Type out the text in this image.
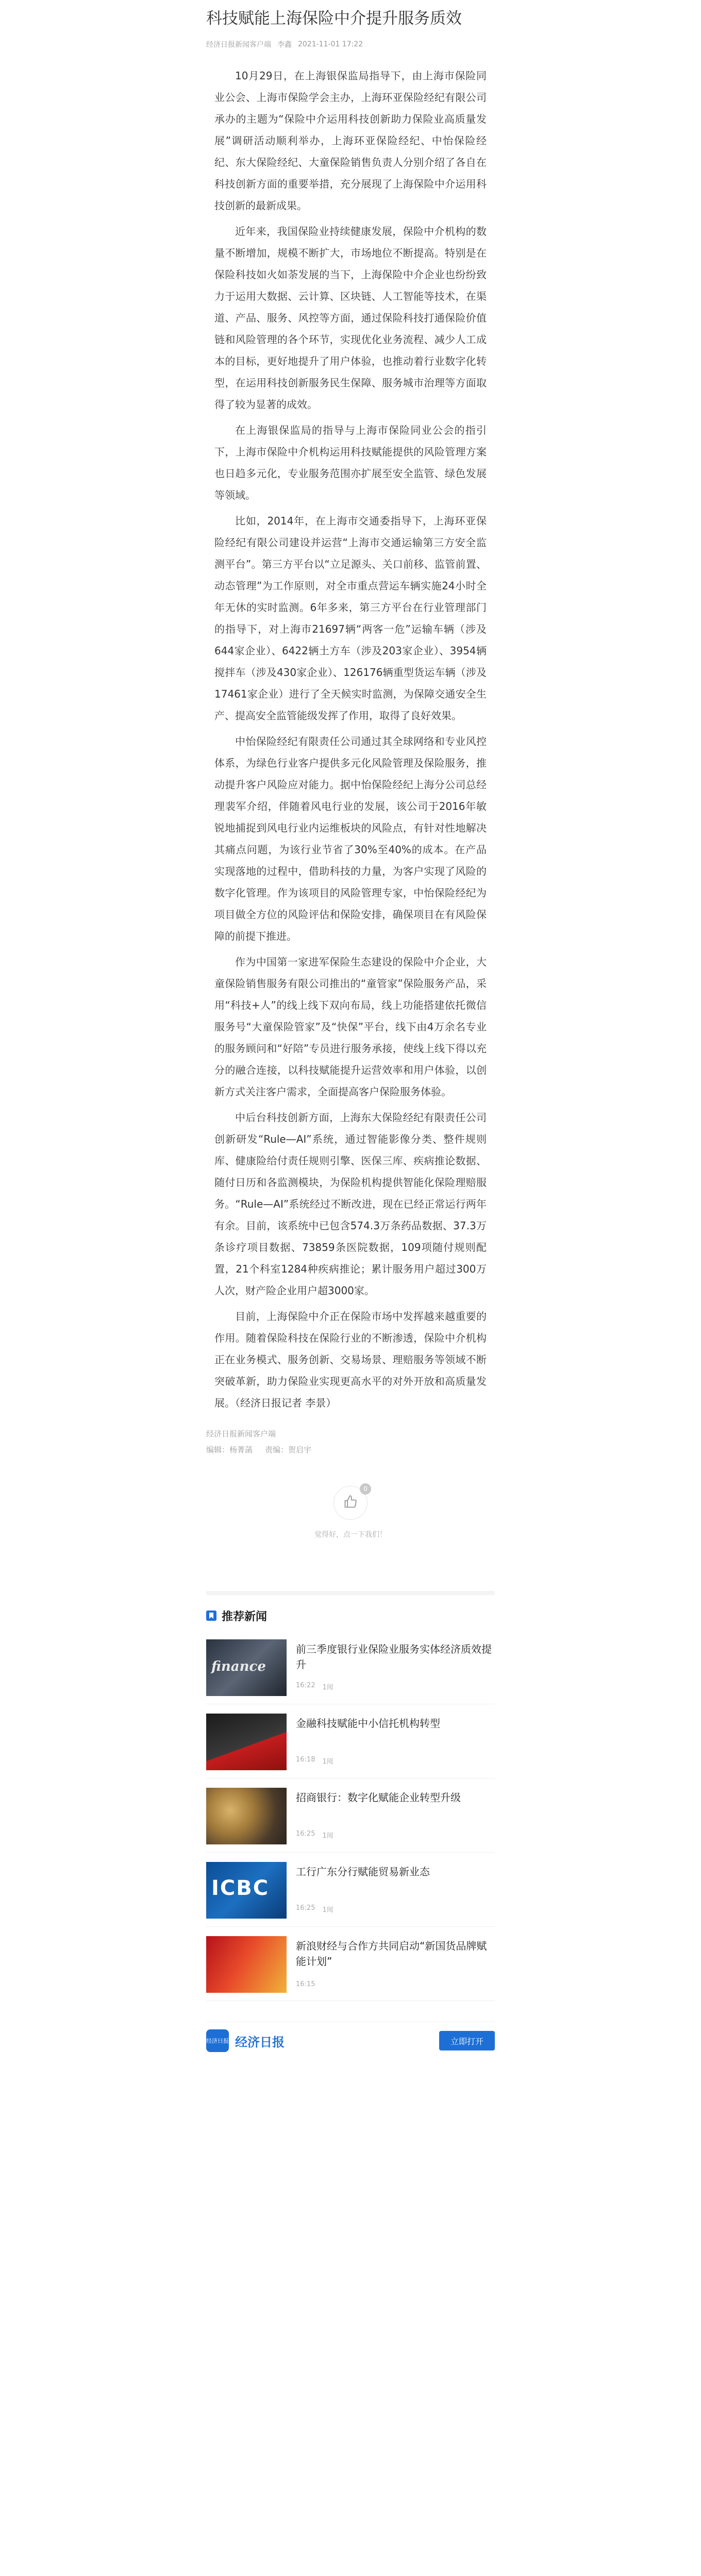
科技赋能上海保险中介提升服务质效
经济日报新闻客户端 李鑫 2021-11-01 17:22

10月29日，在上海银保监局指导下，由上海市保险同业公会、上海市保险学会主办，上海环亚保险经纪有限公司承办的主题为“保险中介运用科技创新助力保险业高质量发展”调研活动顺利举办，上海环亚保险经纪、中怡保险经纪、东大保险经纪、大童保险销售负责人分别介绍了各自在科技创新方面的重要举措，充分展现了上海保险中介运用科技创新的最新成果。

近年来，我国保险业持续健康发展，保险中介机构的数量不断增加，规模不断扩大，市场地位不断提高。特别是在保险科技如火如荼发展的当下，上海保险中介企业也纷纷致力于运用大数据、云计算、区块链、人工智能等技术，在渠道、产品、服务、风控等方面，通过保险科技打通保险价值链和风险管理的各个环节，实现优化业务流程、减少人工成本的目标，更好地提升了用户体验，也推动着行业数字化转型，在运用科技创新服务民生保障、服务城市治理等方面取得了较为显著的成效。

在上海银保监局的指导与上海市保险同业公会的指引下，上海市保险中介机构运用科技赋能提供的风险管理方案也日趋多元化，专业服务范围亦扩展至安全监管、绿色发展等领域。

比如，2014年，在上海市交通委指导下，上海环亚保险经纪有限公司建设并运营“上海市交通运输第三方安全监测平台”。第三方平台以“立足源头、关口前移、监管前置、动态管理”为工作原则，对全市重点营运车辆实施24小时全年无休的实时监测。6年多来，第三方平台在行业管理部门的指导下，对上海市21697辆“两客一危”运输车辆（涉及644家企业）、6422辆土方车（涉及203家企业）、3954辆搅拌车（涉及430家企业）、126176辆重型货运车辆（涉及17461家企业）进行了全天候实时监测，为保障交通安全生产、提高安全监管能级发挥了作用，取得了良好效果。

中怡保险经纪有限责任公司通过其全球网络和专业风控体系，为绿色行业客户提供多元化风险管理及保险服务，推动提升客户风险应对能力。据中怡保险经纪上海分公司总经理裴军介绍，伴随着风电行业的发展，该公司于2016年敏锐地捕捉到风电行业内运维板块的风险点，有针对性地解决其痛点问题，为该行业节省了30%至40%的成本。在产品实现落地的过程中，借助科技的力量，为客户实现了风险的数字化管理。作为该项目的风险管理专家，中怡保险经纪为项目做全方位的风险评估和保险安排，确保项目在有风险保障的前提下推进。

作为中国第一家进军保险生态建设的保险中介企业，大童保险销售服务有限公司推出的“童管家”保险服务产品，采用“科技+人”的线上线下双向布局，线上功能搭建依托微信服务号“大童保险管家”及“快保”平台，线下由4万余名专业的服务顾问和“好陪”专员进行服务承接，使线上线下得以充分的融合连接，以科技赋能提升运营效率和用户体验，以创新方式关注客户需求，全面提高客户保险服务体验。

中后台科技创新方面，上海东大保险经纪有限责任公司创新研发“Rule—AI”系统，通过智能影像分类、整件规则库、健康险给付责任规则引擎、医保三库、疾病推论数据、随付日历和各监测模块，为保险机构提供智能化保险理赔服务。“Rule—AI”系统经过不断改进，现在已经正常运行两年有余。目前，该系统中已包含574.3万条药品数据、37.3万条诊疗项目数据、73859条医院数据，109项随付规则配置，21个科室1284种疾病推论；累计服务用户超过300万人次，财产险企业用户超3000家。

目前，上海保险中介正在保险市场中发挥越来越重要的作用。随着保险科技在保险行业的不断渗透，保险中介机构正在业务模式、服务创新、交易场景、理赔服务等领域不断突破革新，助力保险业实现更高水平的对外开放和高质量发展。（经济日报记者 李景）

经济日报新闻客户端
编辑：杨菁菡 责编：贺启宇
0
觉得好，点一下我们！
推荐新闻
finance
前三季度银行业保险业服务实体经济质效提升
16:22 1阅
金融科技赋能中小信托机构转型
16:18 1阅
招商银行：数字化赋能企业转型升级
16:25 1阅
ICBC
工行广东分行赋能贸易新业态
16:25 1阅
新浪财经与合作方共同启动“新国货品牌赋能计划”
16:15
经济日报 经济日报	立即打开
